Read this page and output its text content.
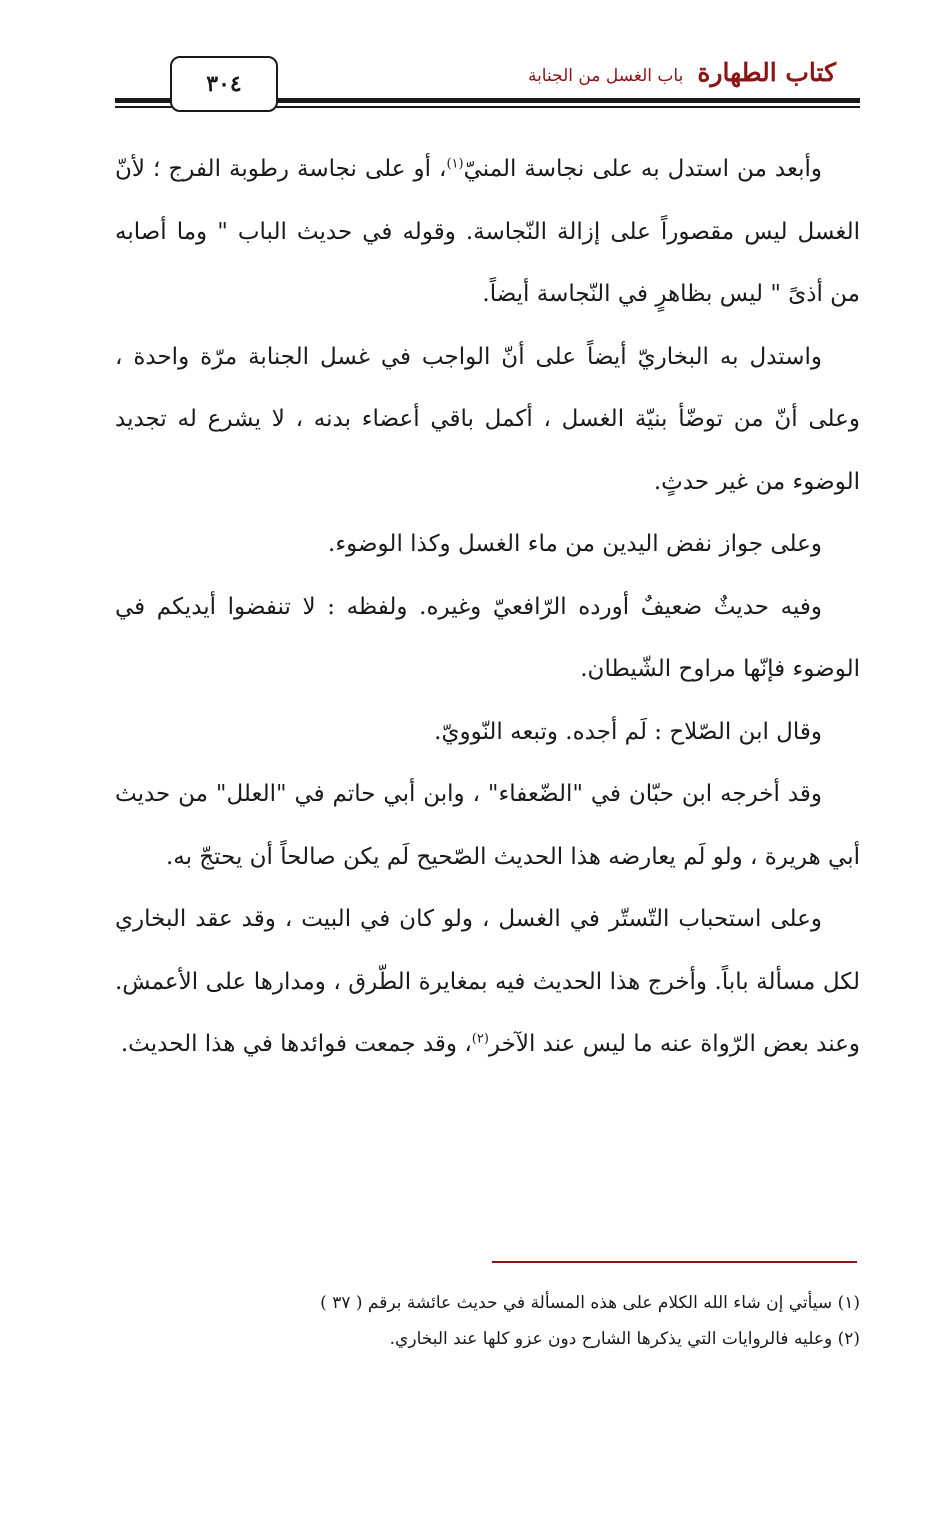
٣٠٤	كتاب الطهارة
باب الغسل من الجنابة

وأبعد من استدل به على نجاسة المنيّ$^{(١)}$، أو على نجاسة رطوبة الفرج ؛ لأنّ الغسل ليس مقصوراً على إزالة النّجاسة. وقوله في حديث الباب " وما أصابه من أذىً " ليس بظاهرٍ في النّجاسة أيضاً.

واستدل به البخاريّ أيضاً على أنّ الواجب في غسل الجنابة مرّة واحدة ، وعلى أنّ من توضّأ بنيّة الغسل ، أكمل باقي أعضاء بدنه ، لا يشرع له تجديد الوضوء من غير حدثٍ.

وعلى جواز نفض اليدين من ماء الغسل وكذا الوضوء.

وفيه حديثٌ ضعيفٌ أورده الرّافعيّ وغيره. ولفظه : لا تنفضوا أيديكم في الوضوء فإنّها مراوح الشّيطان.

وقال ابن الصّلاح : لَم أجده. وتبعه النّوويّ.

وقد أخرجه ابن حبّان في "الضّعفاء" ، وابن أبي حاتم في "العلل" من حديث أبي هريرة ، ولو لَم يعارضه هذا الحديث الصّحيح لَم يكن صالحاً أن يحتجّ به.

وعلى استحباب التّستّر في الغسل ، ولو كان في البيت ، وقد عقد البخاري لكل مسألة باباً. وأخرج هذا الحديث فيه بمغايرة الطّرق ، ومدارها على الأعمش. وعند بعض الرّواة عنه ما ليس عند الآخر$^{(٢)}$، وقد جمعت فوائدها في هذا الحديث.

(١) سيأتي إن شاء الله الكلام على هذه المسألة في حديث عائشة برقم ( ٣٧ )

(٢) وعليه فالروايات التي يذكرها الشارح دون عزو كلها عند البخاري.
